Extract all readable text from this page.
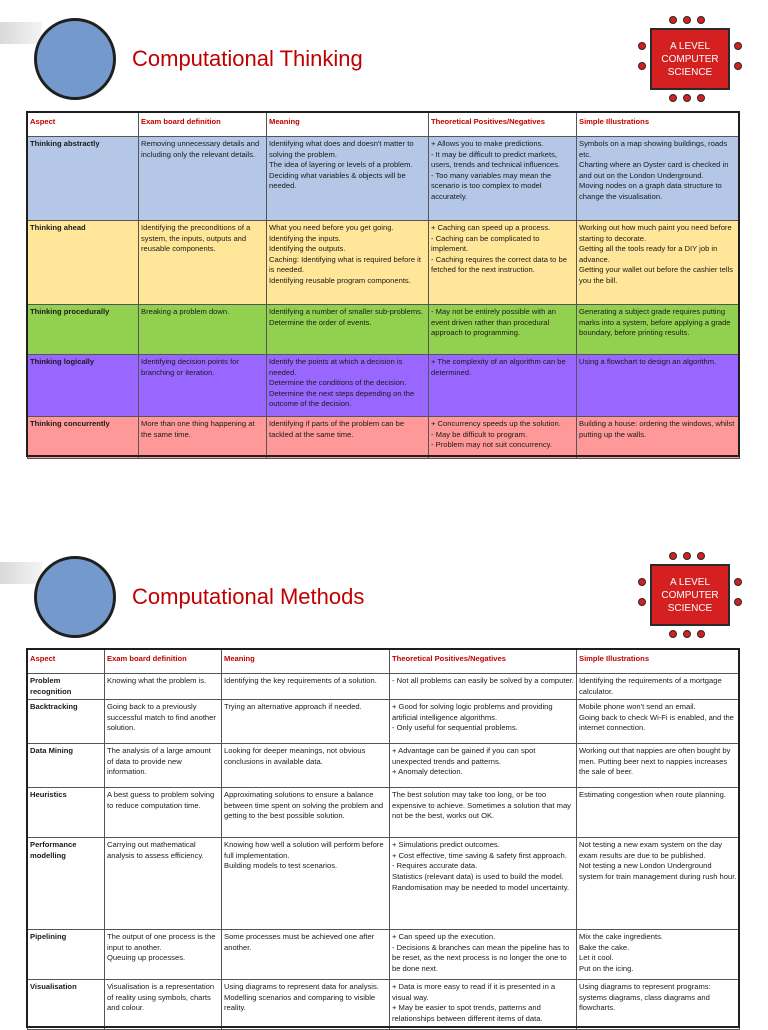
Computational Thinking	A LEVEL
COMPUTER
SCIENCE
Aspect	Exam board definition	Meaning	Theoretical Positives/Negatives	Simple Illustrations
Thinking abstractly	Removing unnecessary details and including only the relevant details.	Identifying what does and doesn't matter to solving the problem.
The idea of layering or levels of a problem.
Deciding what variables & objects will be needed.	+ Allows you to make predictions.
- It may be difficult to predict markets, users, trends and technical influences.
- Too many variables may mean the scenario is too complex to model accurately.	Symbols on a map showing buildings, roads etc.
Charting where an Oyster card is checked in and out on the London Underground.
Moving nodes on a graph data structure to change the visualisation.
Thinking ahead	Identifying the preconditions of a system, the inputs, outputs and reusable components.	What you need before you get going.
Identifying the inputs.
Identifying the outputs.
Caching: Identifying what is required before it is needed.
Identifying reusable program components.	+ Caching can speed up a process.
- Caching can be complicated to implement.
- Caching requires the correct data to be fetched for the next instruction.	Working out how much paint you need before starting to decorate.
Getting all the tools ready for a DIY job in advance.
Getting your wallet out before the cashier tells you the bill.
Thinking procedurally	Breaking a problem down.	Identifying a number of smaller sub-problems.
Determine the order of events.	- May not be entirely possible with an event driven rather than procedural approach to programming.	Generating a subject grade requires putting marks into a system, before applying a grade boundary, before printing results.
Thinking logically	Identifying decision points for branching or iteration.	Identify the points at which a decision is needed.
Determine the conditions of the decision.
Determine the next steps depending on the outcome of the decision.	+ The complexity of an algorithm can be determined.	Using a flowchart to design an algorithm.
Thinking concurrently	More than one thing happening at the same time.	Identifying if parts of the problem can be tackled at the same time.	+ Concurrency speeds up the solution.
- May be difficult to program.
- Problem may not suit concurrency.	Building a house: ordering the windows, whilst putting up the walls.
Computational Methods
A LEVEL
COMPUTER
SCIENCE
Aspect	Exam board definition	Meaning	Theoretical Positives/Negatives	Simple Illustrations
Problem recognition	Knowing what the problem is.	Identifying the key requirements of a solution.	- Not all problems can easily be solved by a computer.	Identifying the requirements of a mortgage calculator.
Backtracking	Going back to a previously successful match to find another solution.	Trying an alternative approach if needed.	+ Good for solving logic problems and providing artificial intelligence algorithms.
- Only useful for sequential problems.	Mobile phone won't send an email.
Going back to check Wi-Fi is enabled, and the internet connection.
Data Mining	The analysis of a large amount of data to provide new information.	Looking for deeper meanings, not obvious conclusions in available data.	+ Advantage can be gained if you can spot unexpected trends and patterns.
+ Anomaly detection.	Working out that nappies are often bought by men. Putting beer next to nappies increases the sale of beer.
Heuristics	A best guess to problem solving to reduce computation time.	Approximating solutions to ensure a balance between time spent on solving the problem and getting to the best possible solution.	The best solution may take too long, or be too expensive to achieve. Sometimes a solution that may not be the best, works out OK.	Estimating congestion when route planning.
Performance modelling	Carrying out mathematical analysis to assess efficiency.	Knowing how well a solution will perform before full implementation.
Building models to test scenarios.	+ Simulations predict outcomes.
+ Cost effective, time saving & safety first approach.
- Requires accurate data.
Statistics (relevant data) is used to build the model.
Randomisation may be needed to model uncertainty.	Not testing a new exam system on the day exam results are due to be published.
Not testing a new London Underground system for train management during rush hour.
Pipelining	The output of one process is the input to another.
Queuing up processes.	Some processes must be achieved one after another.	+ Can speed up the execution.
- Decisions & branches can mean the pipeline has to be reset, as the next process is no longer the one to be done next.	Mix the cake ingredients.
Bake the cake.
Let it cool.
Put on the icing.
Visualisation	Visualisation is a representation of reality using symbols, charts and colour.	Using diagrams to represent data for analysis.
Modelling scenarios and comparing to visible reality.	+ Data is more easy to read if it is presented in a visual way.
+ May be easier to spot trends, patterns and relationships between different items of data.	Using diagrams to represent programs: systems diagrams, class diagrams and flowcharts.
